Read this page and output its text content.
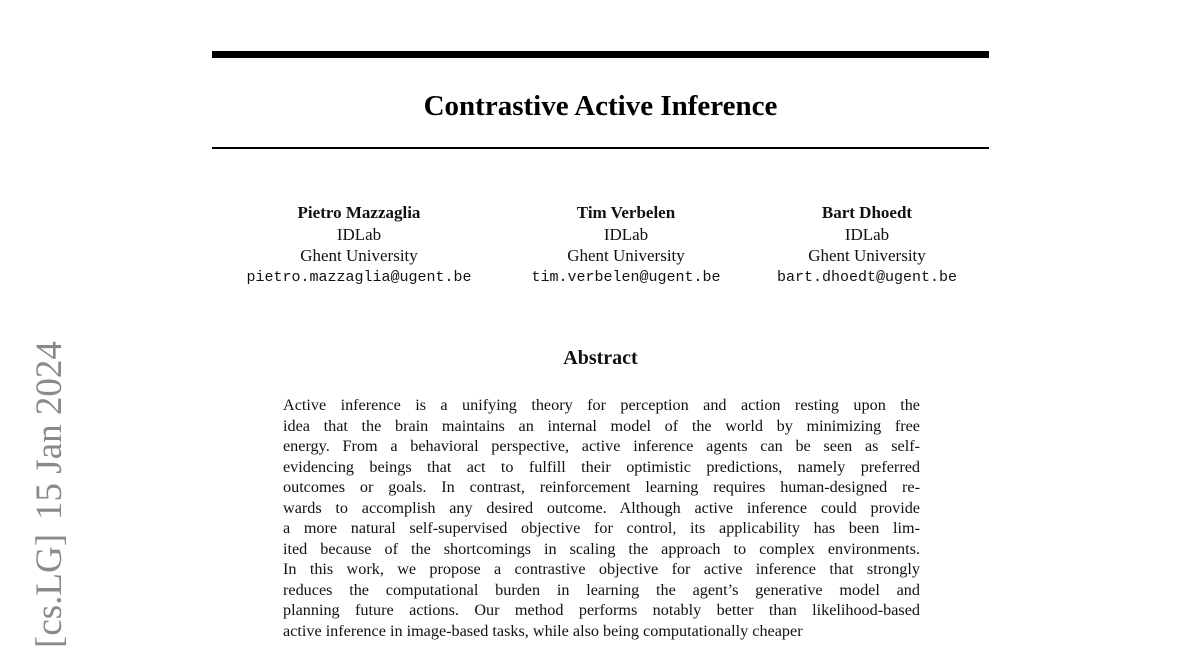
Contrastive Active Inference
Pietro Mazzaglia
IDLab
Ghent University
pietro.mazzaglia@ugent.be
Tim Verbelen
IDLab
Ghent University
tim.verbelen@ugent.be
Bart Dhoedt
IDLab
Ghent University
bart.dhoedt@ugent.be
Abstract
Active inference is a unifying theory for perception and action resting upon the
idea that the brain maintains an internal model of the world by minimizing free
energy. From a behavioral perspective, active inference agents can be seen as self-
evidencing beings that act to fulfill their optimistic predictions, namely preferred
outcomes or goals. In contrast, reinforcement learning requires human-designed re-
wards to accomplish any desired outcome. Although active inference could provide
a more natural self-supervised objective for control, its applicability has been lim-
ited because of the shortcomings in scaling the approach to complex environments.
In this work, we propose a contrastive objective for active inference that strongly
reduces the computational burden in learning the agent’s generative model and
planning future actions. Our method performs notably better than likelihood-based
active inference in image-based tasks, while also being computationally cheaper
[cs.LG]15 Jan 2024
